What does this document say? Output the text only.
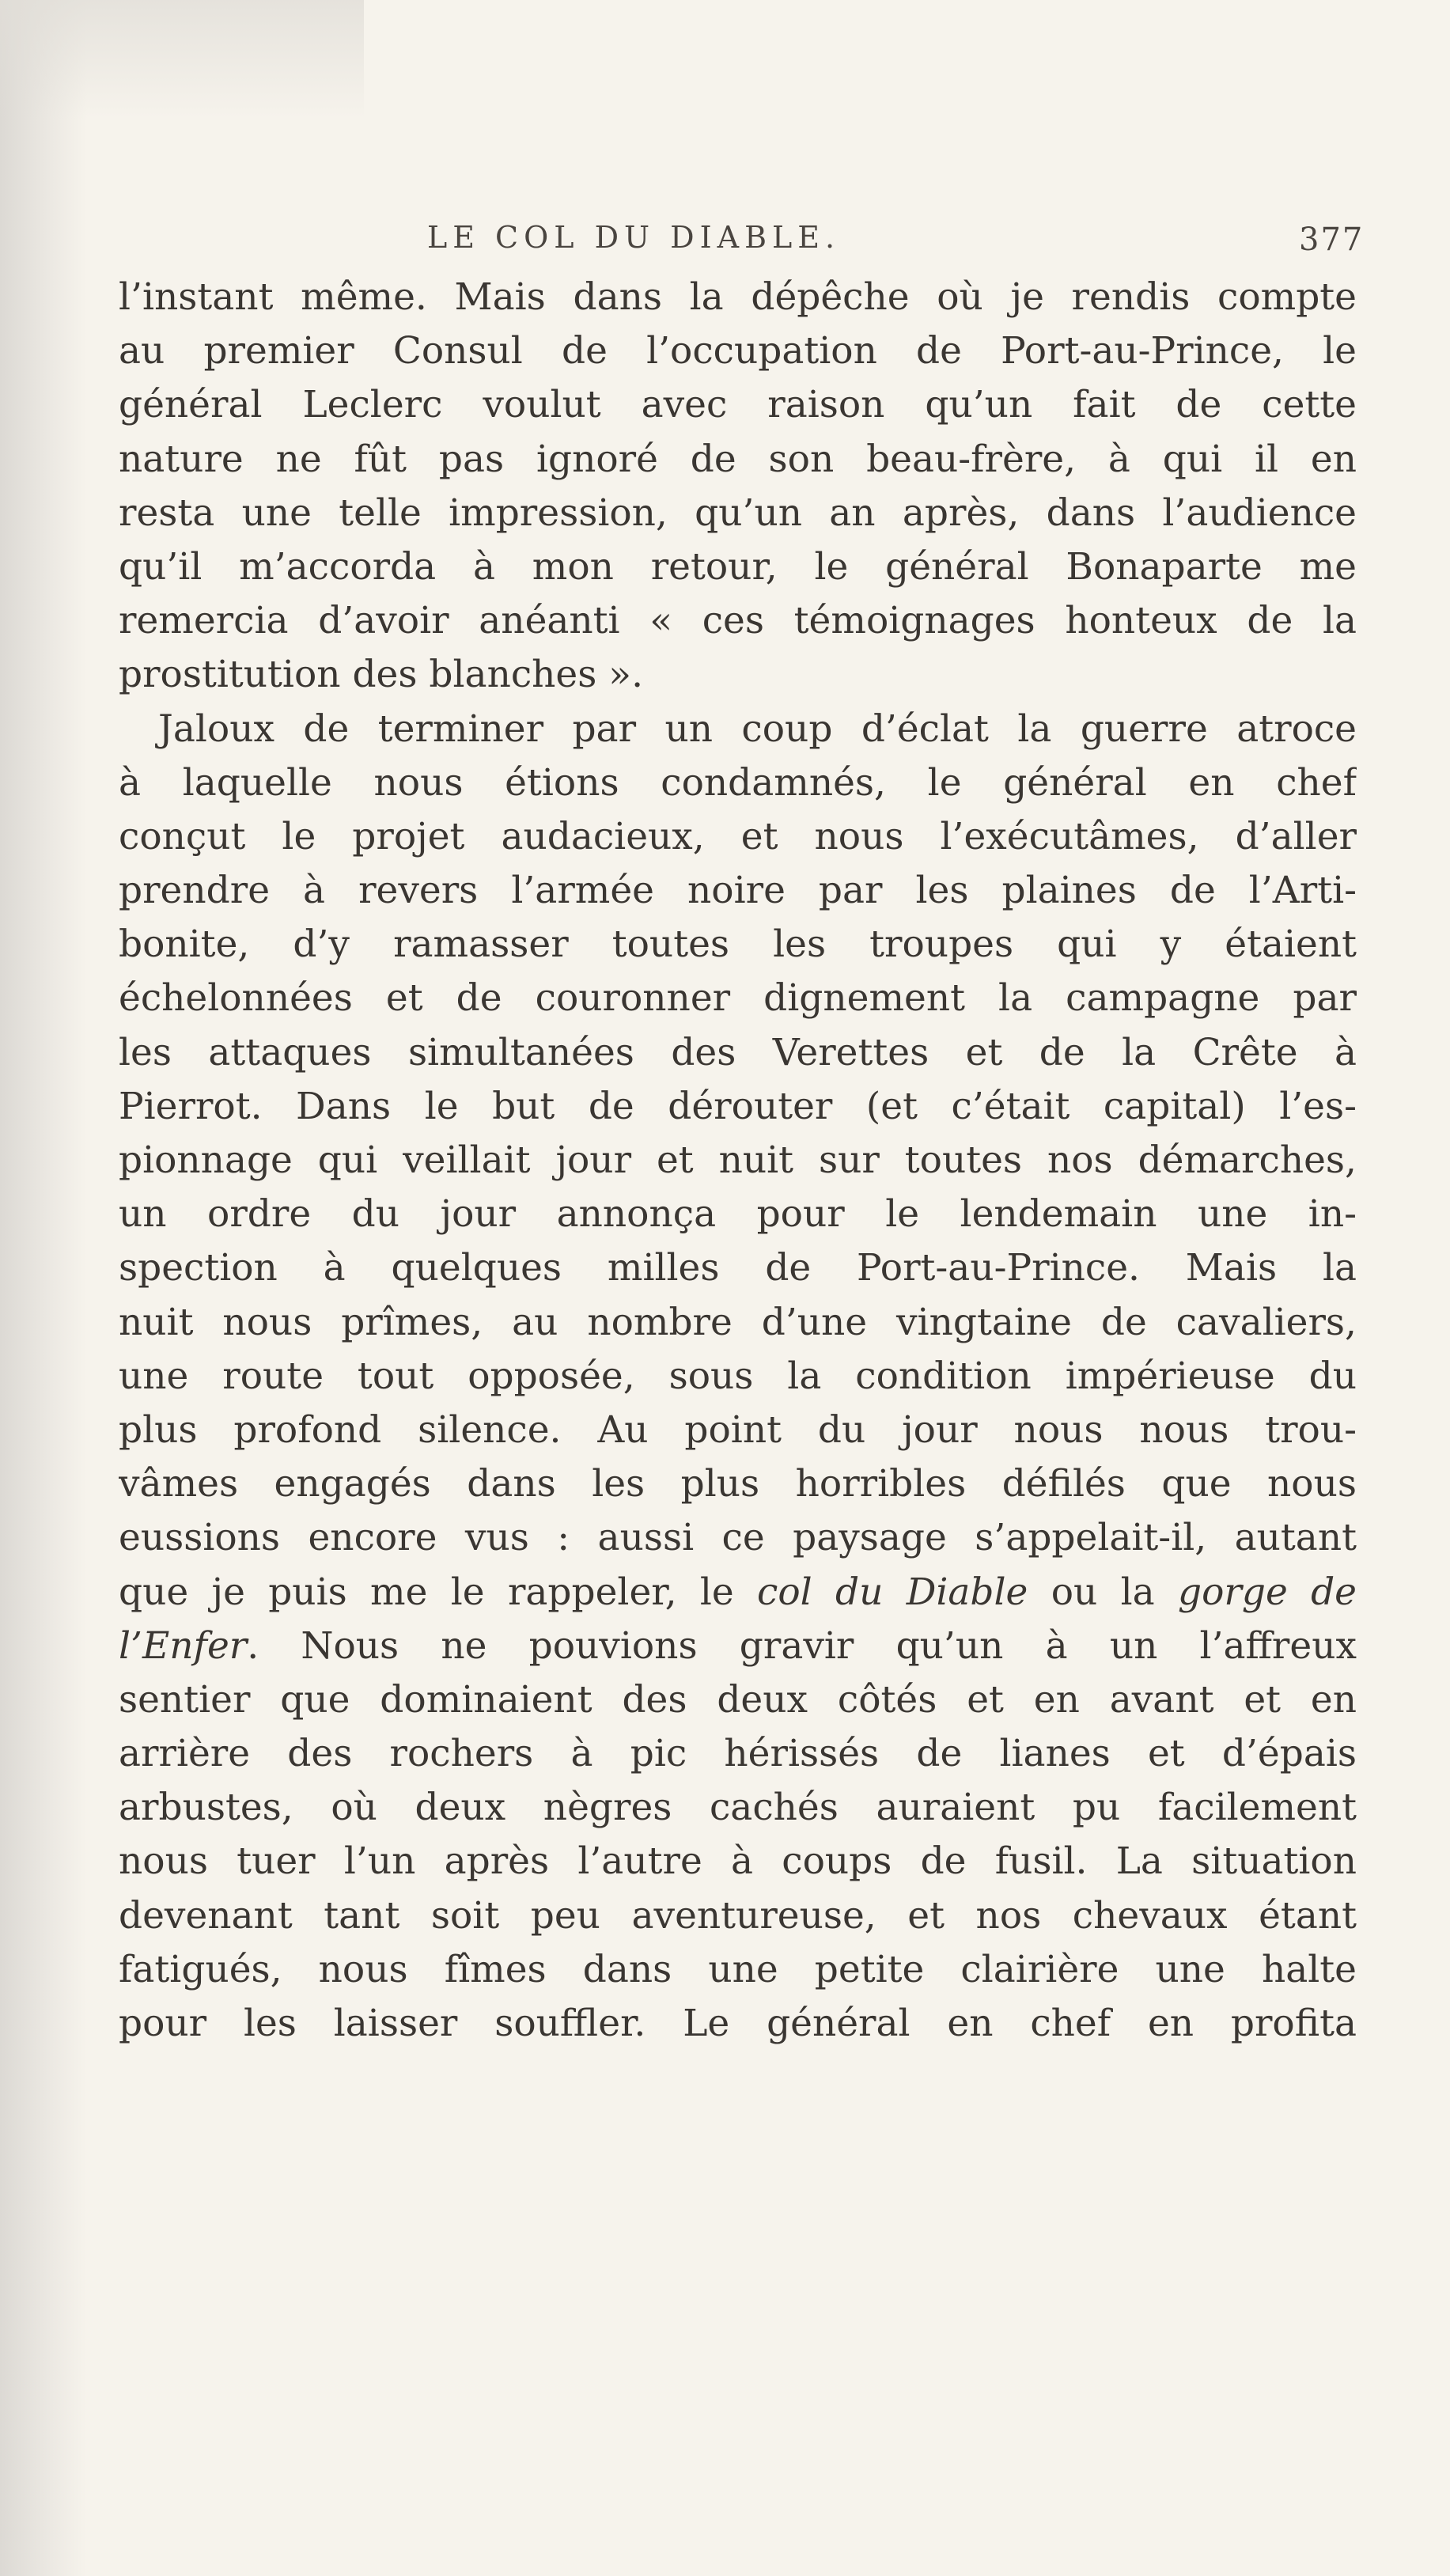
LE COL DU DIABLE.	377
l’instant même. Mais dans la dépêche où je rendis compte
au premier Consul de l’occupation de Port-au-Prince, le
général Leclerc voulut avec raison qu’un fait de cette
nature ne fût pas ignoré de son beau-frère, à qui il en
resta une telle impression, qu’un an après, dans l’audience
qu’il m’accorda à mon retour, le général Bonaparte me
remercia d’avoir anéanti « ces témoignages honteux de la
prostitution des blanches ».
Jaloux de terminer par un coup d’éclat la guerre atroce
à laquelle nous étions condamnés, le général en chef
conçut le projet audacieux, et nous l’exécutâmes, d’aller
prendre à revers l’armée noire par les plaines de l’Arti-
bonite, d’y ramasser toutes les troupes qui y étaient
échelonnées et de couronner dignement la campagne par
les attaques simultanées des Verettes et de la Crête à
Pierrot. Dans le but de dérouter (et c’était capital) l’es-
pionnage qui veillait jour et nuit sur toutes nos démarches,
un ordre du jour annonça pour le lendemain une in-
spection à quelques milles de Port-au-Prince. Mais la
nuit nous prîmes, au nombre d’une vingtaine de cavaliers,
une route tout opposée, sous la condition impérieuse du
plus profond silence. Au point du jour nous nous trou-
vâmes engagés dans les plus horribles défilés que nous
eussions encore vus : aussi ce paysage s’appelait-il, autant
que je puis me le rappeler, le col du Diable ou la gorge de
l’Enfer. Nous ne pouvions gravir qu’un à un l’affreux
sentier que dominaient des deux côtés et en avant et en
arrière des rochers à pic hérissés de lianes et d’épais
arbustes, où deux nègres cachés auraient pu facilement
nous tuer l’un après l’autre à coups de fusil. La situation
devenant tant soit peu aventureuse, et nos chevaux étant
fatigués, nous fîmes dans une petite clairière une halte
pour les laisser souffler. Le général en chef en profita
